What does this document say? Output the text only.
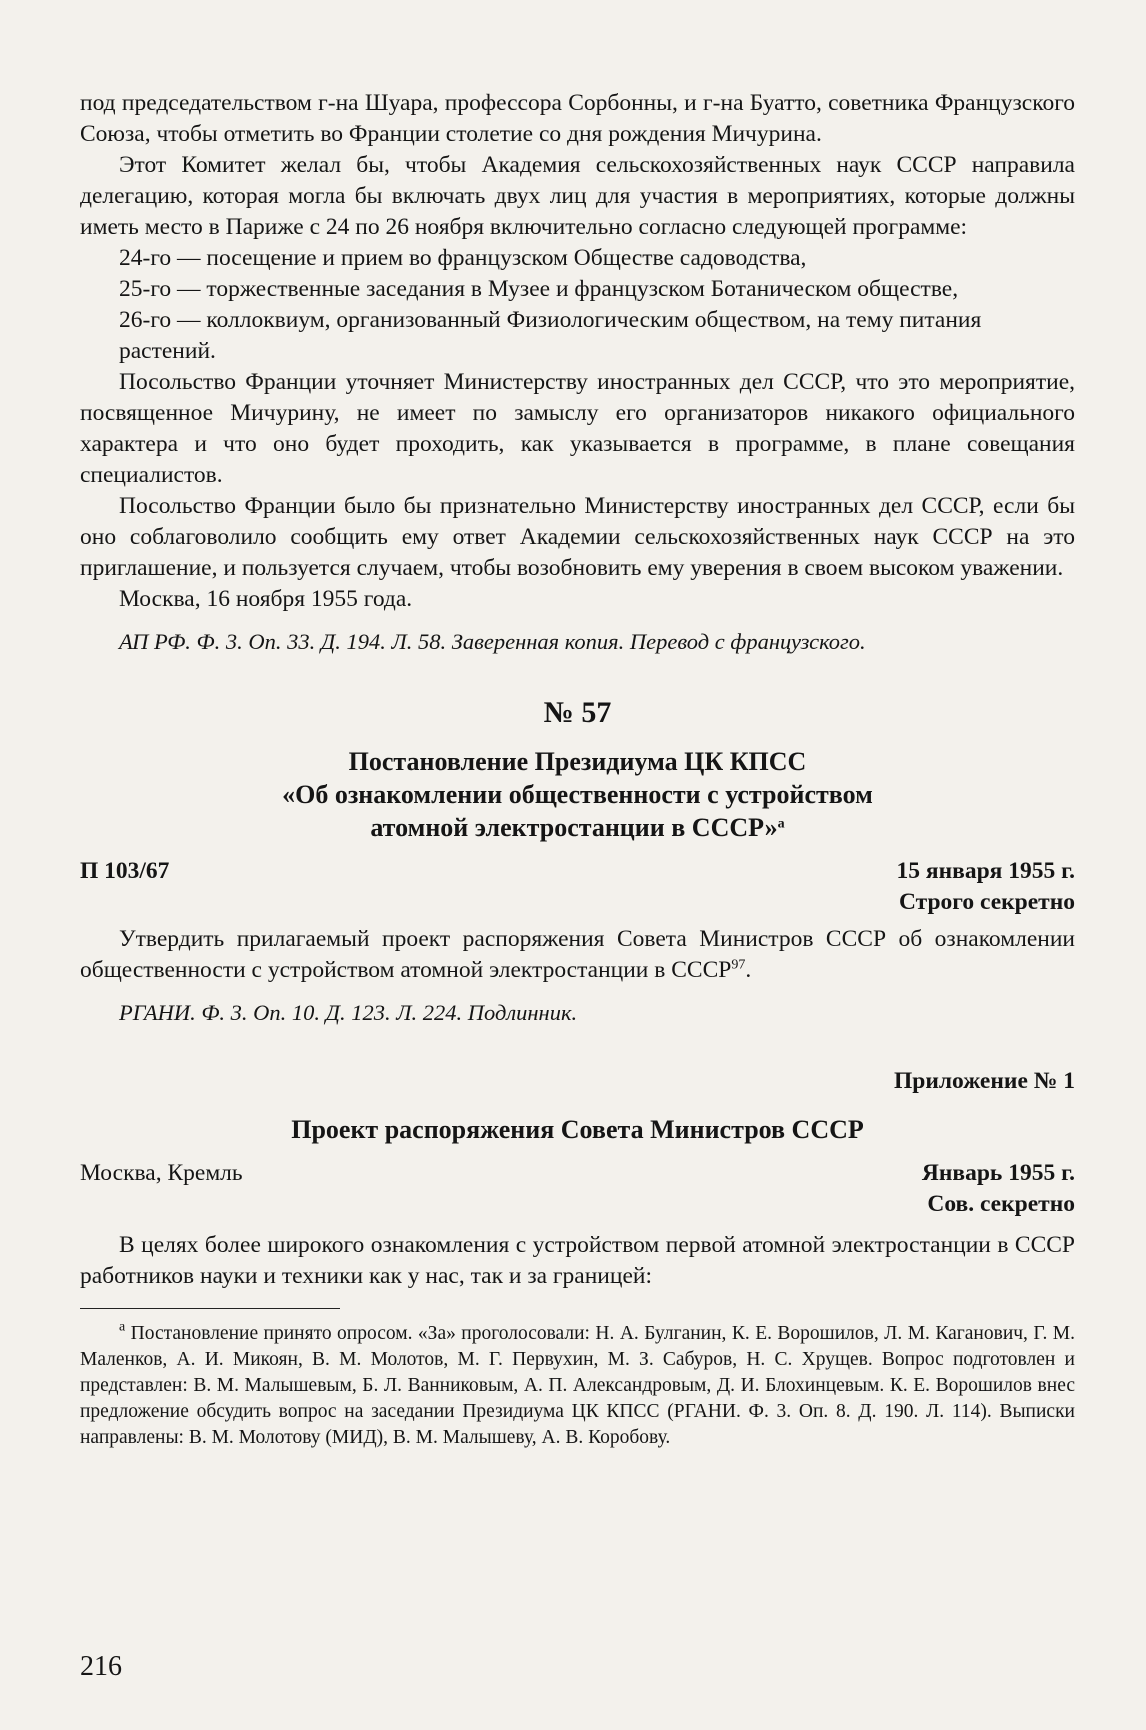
под председательством г-на Шуара, профессора Сорбонны, и г-на Буатто, советника Французского Союза, чтобы отметить во Франции столетие со дня рождения Мичурина.

Этот Комитет желал бы, чтобы Академия сельскохозяйственных наук СССР направила делегацию, которая могла бы включать двух лиц для участия в мероприятиях, которые должны иметь место в Париже с 24 по 26 ноября включительно согласно следующей программе:

24-го — посещение и прием во французском Обществе садоводства,

25-го — торжественные заседания в Музее и французском Ботаническом обществе,

26-го — коллоквиум, организованный Физиологическим обществом, на тему питания растений.

Посольство Франции уточняет Министерству иностранных дел СССР, что это мероприятие, посвященное Мичурину, не имеет по замыслу его организаторов никакого официального характера и что оно будет проходить, как указывается в программе, в плане совещания специалистов.

Посольство Франции было бы признательно Министерству иностранных дел СССР, если бы оно соблаговолило сообщить ему ответ Академии сельскохозяйственных наук СССР на это приглашение, и пользуется случаем, чтобы возобновить ему уверения в своем высоком уважении.

Москва, 16 ноября 1955 года.

АП РФ. Ф. 3. Оп. 33. Д. 194. Л. 58. Заверенная копия. Перевод с французского.

№ 57

Постановление Президиума ЦК КПСС

«Об ознакомлении общественности с устройством

атомной электростанции в СССР»$^а$

П 103/67	15 января 1955 г.

Строго секретно

Утвердить прилагаемый проект распоряжения Совета Министров СССР об ознакомлении общественности с устройством атомной электростанции в СССР$^{97}$.

РГАНИ. Ф. 3. Оп. 10. Д. 123. Л. 224. Подлинник.

Приложение № 1

Проект распоряжения Совета Министров СССР

Москва, Кремль	Январь 1955 г.

Сов. секретно

В целях более широкого ознакомления с устройством первой атомной электростанции в СССР работников науки и техники как у нас, так и за границей:

$^а$ Постановление принято опросом. «За» проголосовали: Н. А. Булганин, К. Е. Ворошилов, Л. М. Каганович, Г. М. Маленков, А. И. Микоян, В. М. Молотов, М. Г. Первухин, М. З. Сабуров, Н. С. Хрущев. Вопрос подготовлен и представлен: В. М. Малышевым, Б. Л. Ванниковым, А. П. Александровым, Д. И. Блохинцевым. К. Е. Ворошилов внес предложение обсудить вопрос на заседании Президиума ЦК КПСС (РГАНИ. Ф. 3. Оп. 8. Д. 190. Л. 114). Выписки направлены: В. М. Молотову (МИД), В. М. Малышеву, А. В. Коробову.

216
